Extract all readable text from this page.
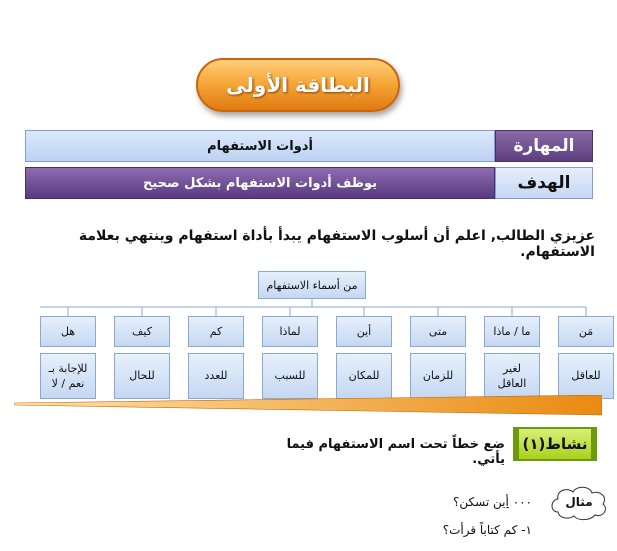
البطاقة الأولى
أدوات الاستفهام	المهارة
يوظف أدوات الاستفهام بشكل صحيح	الهدف
عزيزي الطالب, اعلم أن أسلوب الاستفهام يبدأ بأداة استفهام وينتهي بعلامة الاستفهام.
من أسماء الاستفهام
مَن
ما / ماذا
متى
أين
لماذا
كم
كيف
هل
للعاقل
لغير العاقل
للزمان
للمكان
للسبب
للعدد
للحال
للإجابة بـ
نعم / لا
نشاط(١)
ضع خطاً تحت اسم الاستفهام فيما يأتي.
مثال
٠٠٠ أين تسكن؟
١- كم كتاباً قرأت؟
